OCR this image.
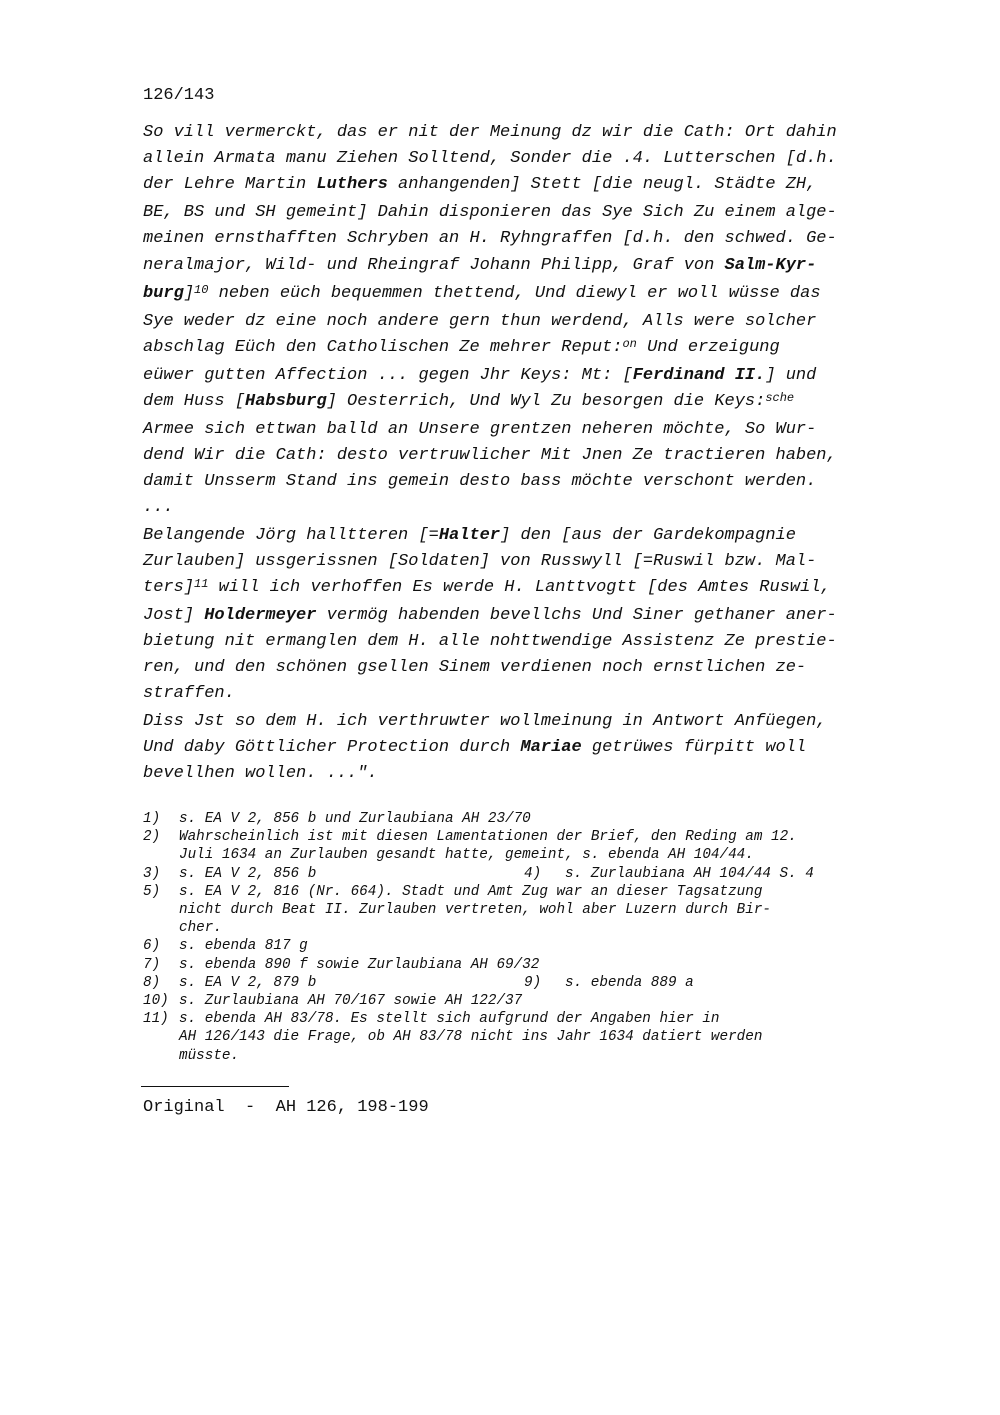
126/143
So vill vermerckt, das er nit der Meinung dz wir die Cath: Ort dahin
allein Armata manu Ziehen Solltend, Sonder die .4. Lutterschen [d.h.
der Lehre Martin Luthers anhangenden] Stett [die neugl. Städte ZH,
BE, BS und SH gemeint] Dahin disponieren das Sye Sich Zu einem alge-
meinen ernsthafften Schryben an H. Ryhngraffen [d.h. den schwed. Ge-
neralmajor, Wild- und Rheingraf Johann Philipp, Graf von Salm-Kyr-
burg]$^{10}$ neben eüch bequemmen thettend, Und diewyl er woll wüsse das
Sye weder dz eine noch andere gern thun werdend, Alls were solcher
abschlag Eüch den Catholischen Ze mehrer Reput:$^{on}$ Und erzeigung
eüwer gutten Affection ... gegen Jhr Keys: Mt: [Ferdinand II.] und
dem Huss [Habsburg] Oesterrich, Und Wyl Zu besorgen die Keys:$^{sche}$
Armee sich ettwan balld an Unsere grentzen neheren möchte, So Wur-
dend Wir die Cath: desto vertruwlicher Mit Jnen Ze tractieren haben,
damit Unsserm Stand ins gemein desto bass möchte verschont werden.
...
Belangende Jörg halltteren [=Halter] den [aus der Gardekompagnie
Zurlauben] ussgerissnen [Soldaten] von Russwyll [=Ruswil bzw. Mal-
ters]$^{11}$ will ich verhoffen Es werde H. Lanttvogtt [des Amtes Ruswil,
Jost] Holdermeyer vermög habenden bevellchs Und Siner gethaner aner-
bietung nit ermanglen dem H. alle nohttwendige Assistenz Ze prestie-
ren, und den schönen gsellen Sinem verdienen noch ernstlichen ze-
straffen.
Diss Jst so dem H. ich verthruwter wollmeinung in Antwort Anfüegen,
Und daby Göttlicher Protection durch Mariae getrüwes fürpitt woll
bevellhen wollen. ...".
1) s. EA V 2, 856 b und Zurlaubiana AH 23/70
2) Wahrscheinlich ist mit diesen Lamentationen der Brief, den Reding am 12.
Juli 1634 an Zurlauben gesandt hatte, gemeint, s. ebenda AH 104/44.
3) s. EA V 2, 856 b	4) s. Zurlaubiana AH 104/44 S. 4
5) s. EA V 2, 816 (Nr. 664). Stadt und Amt Zug war an dieser Tagsatzung
nicht durch Beat II. Zurlauben vertreten, wohl aber Luzern durch Bir-
cher.
6) s. ebenda 817 g
7) s. ebenda 890 f sowie Zurlaubiana AH 69/32
8) s. EA V 2, 879 b	9) s. ebenda 889 a
10) s. Zurlaubiana AH 70/167 sowie AH 122/37
11) s. ebenda AH 83/78. Es stellt sich aufgrund der Angaben hier in
AH 126/143 die Frage, ob AH 83/78 nicht ins Jahr 1634 datiert werden
müsste.
Original  -  AH 126, 198-199
